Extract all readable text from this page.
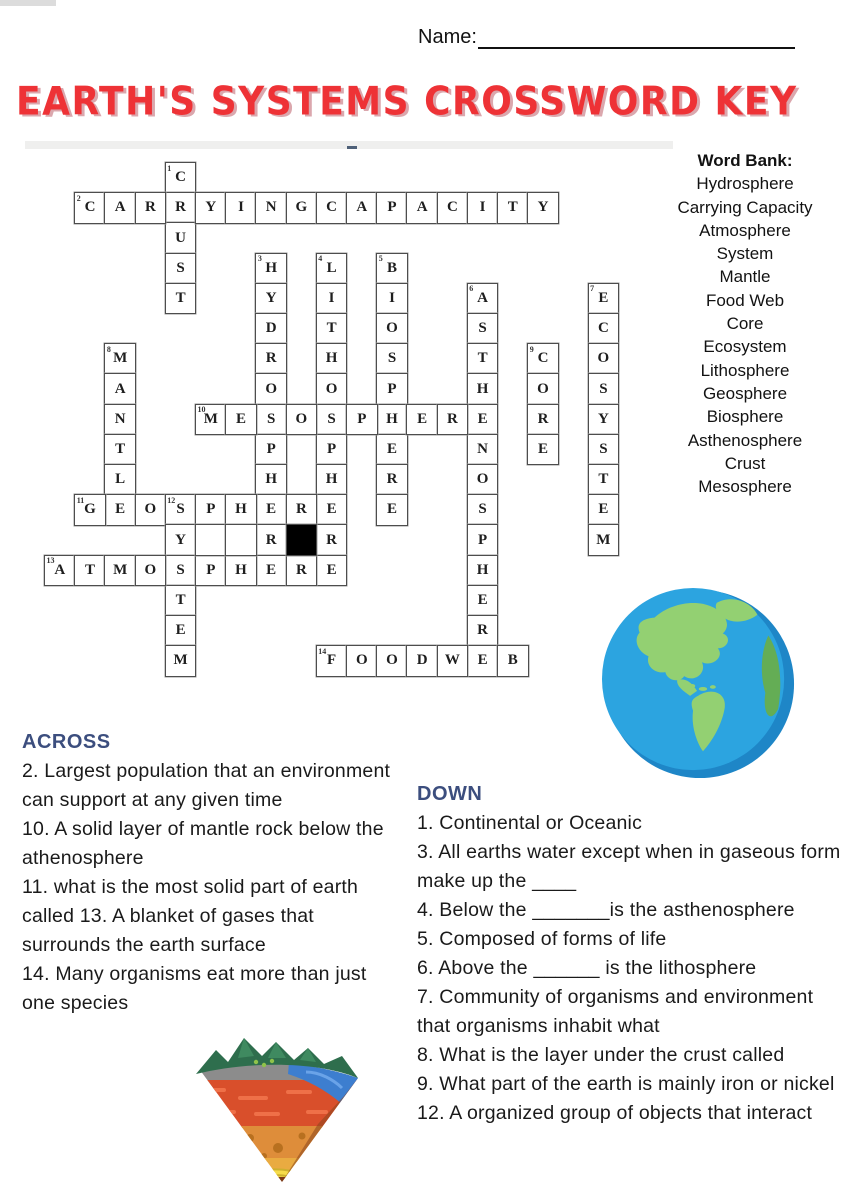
Name:
EARTH'S SYSTEMS CROSSWORD KEY
Word Bank:
Hydrosphere
Carrying Capacity
Atmosphere
System
Mantle
Food Web
Core
Ecosystem
Lithosphere
Geosphere
Biosphere
Asthenosphere
Crust
Mesosphere
1
C
R
U
S
T
2
C A R	Y I N G C A P A C I T Y
3
H
Y
D
R
O
S
P
H
E
R
E
4
L
I
T
H
O
S
P
H
E
R
E
5
B
I
O
S
P
H
E
R
E
6
A
S
T
H
E
N
O
S
P
H
E
R
E
7
E
C
O
S
Y
S
T
E
M
8
M
A
N
T
L
E
9
C
O
R
E
10
M E	O	P	E R
11
G	O
12
S P H	R
Y
S
T
E
M
13
A T M O	P H	R
14
F O O D W	B
ACROSS
2. Largest population that an environment can support at any given time
10. A solid layer of mantle rock below the athenosphere
11. what is the most solid part of earth called 13. A blanket of gases that surrounds the earth surface
14. Many organisms eat more than just one species
DOWN
1. Continental or Oceanic
3. All earths water except when in gaseous form make up the ____
4. Below the _______is the asthenosphere
5. Composed of forms of life
6. Above the ______ is the lithosphere
7. Community of organisms and environment that organisms inhabit what
8. What is the layer under the crust called
9. What part of the earth is mainly iron or nickel
12. A organized group of objects that interact
